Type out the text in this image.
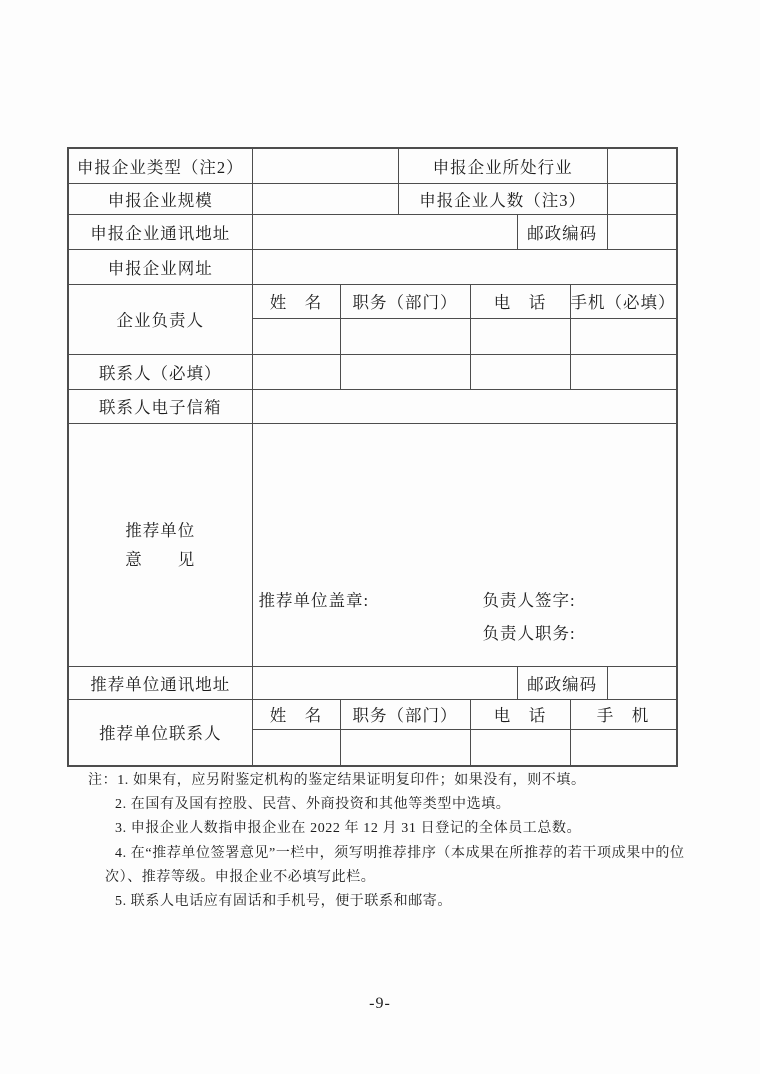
申报企业类型（注2）			申报企业所处行业				
申报企业规模			申报企业人数（注3）				
申报企业通讯地址					邮政编码		
申报企业网址							
企业负责人	姓　名	职务（部门）		电　话		手机（必填）	

联系人（必填）							
联系人电子信箱							

推荐单位
意　　见

推荐单位盖章:	负责人签字:
负责人职务:

推荐单位通讯地址					邮政编码		
推荐单位联系人	姓　名	职务（部门）		电　话		手　机	

注：1. 如果有，应另附鉴定机构的鉴定结果证明复印件；如果没有，则不填。
2. 在国有及国有控股、民营、外商投资和其他等类型中选填。
3. 申报企业人数指申报企业在 2022 年 12 月 31 日登记的全体员工总数。
4. 在“推荐单位签署意见”一栏中，须写明推荐排序（本成果在所推荐的若干项成果中的位
次）、推荐等级。申报企业不必填写此栏。
5. 联系人电话应有固话和手机号，便于联系和邮寄。
-9-
